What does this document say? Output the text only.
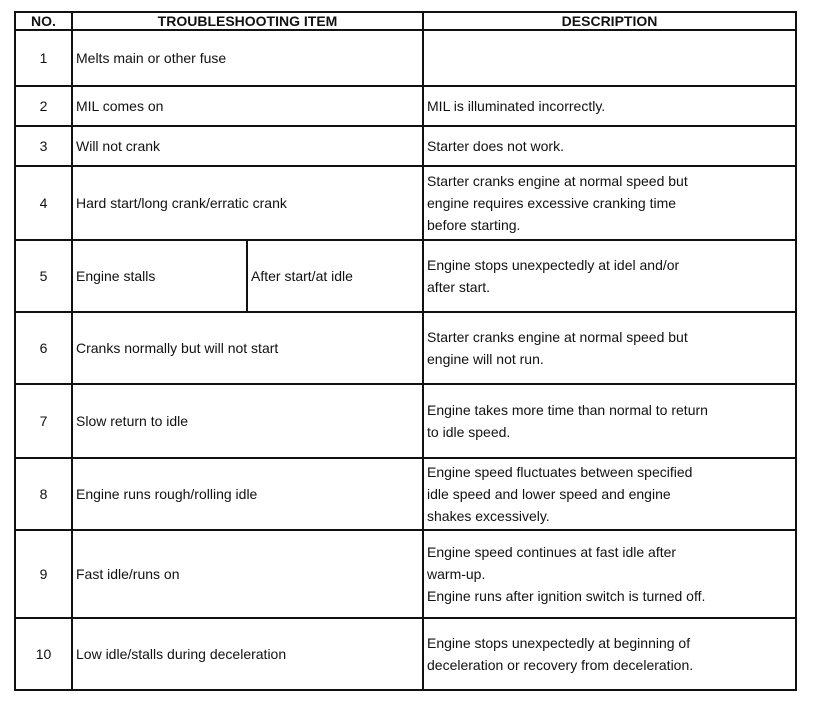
NO.	TROUBLESHOOTING ITEM		DESCRIPTION
1	Melts main or other fuse		
2	MIL comes on		MIL is illuminated incorrectly.
3	Will not crank		Starter does not work.
4	Hard start/long crank/erratic crank		Starter cranks engine at normal speed but
engine requires excessive cranking time
before starting.

5	Engine stalls	After start/at idle	Engine stops unexpectedly at idel and/or
after start.

6	Cranks normally but will not start		Starter cranks engine at normal speed but
engine will not run.

7	Slow return to idle		Engine takes more time than normal to return
to idle speed.

8	Engine runs rough/rolling idle		Engine speed fluctuates between specified
idle speed and lower speed and engine
shakes excessively.

9	Fast idle/runs on		Engine speed continues at fast idle after
warm-up.
Engine runs after ignition switch is turned off.

10	Low idle/stalls during deceleration		Engine stops unexpectedly at beginning of
deceleration or recovery from deceleration.
